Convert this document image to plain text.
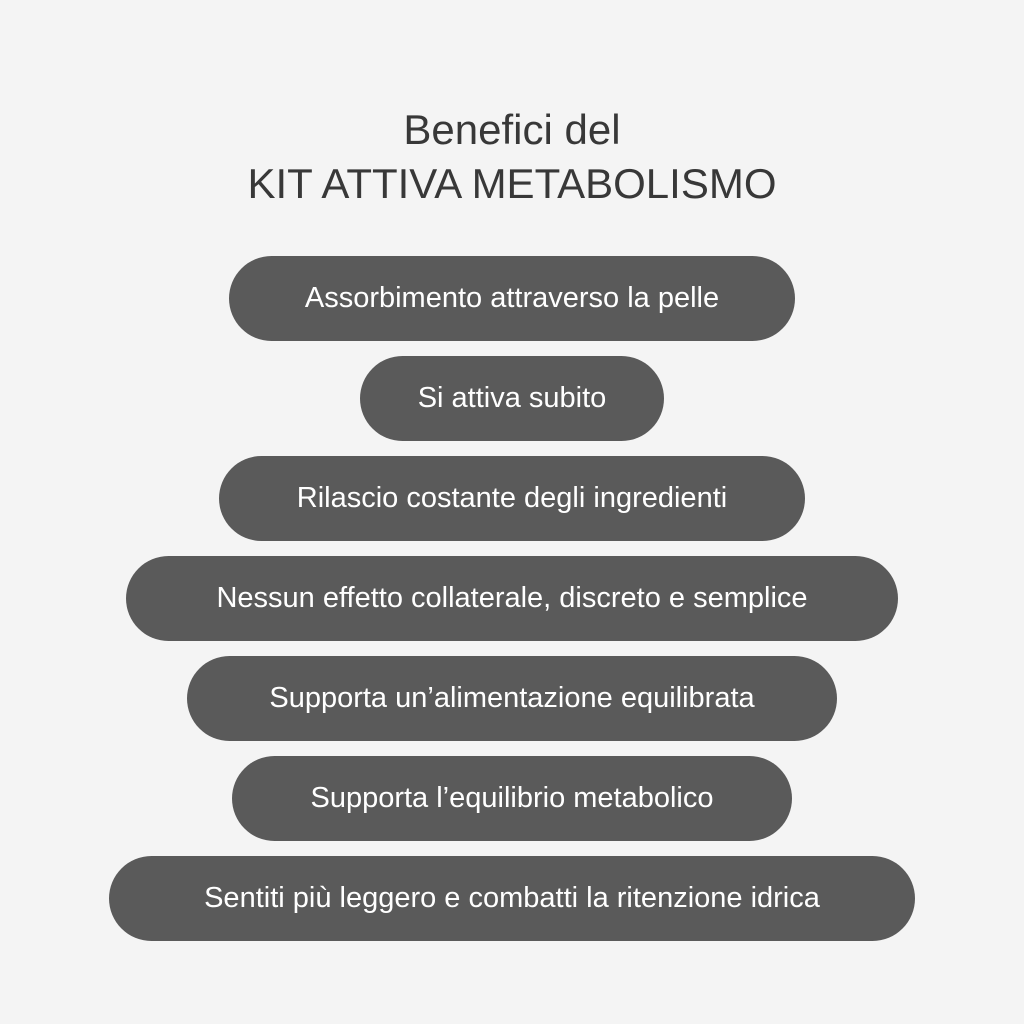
Benefici del
KIT ATTIVA METABOLISMO
Assorbimento attraverso la pelle
Si attiva subito
Rilascio costante degli ingredienti
Nessun effetto collaterale, discreto e semplice
Supporta un’alimentazione equilibrata
Supporta l’equilibrio metabolico
Sentiti più leggero e combatti la ritenzione idrica
